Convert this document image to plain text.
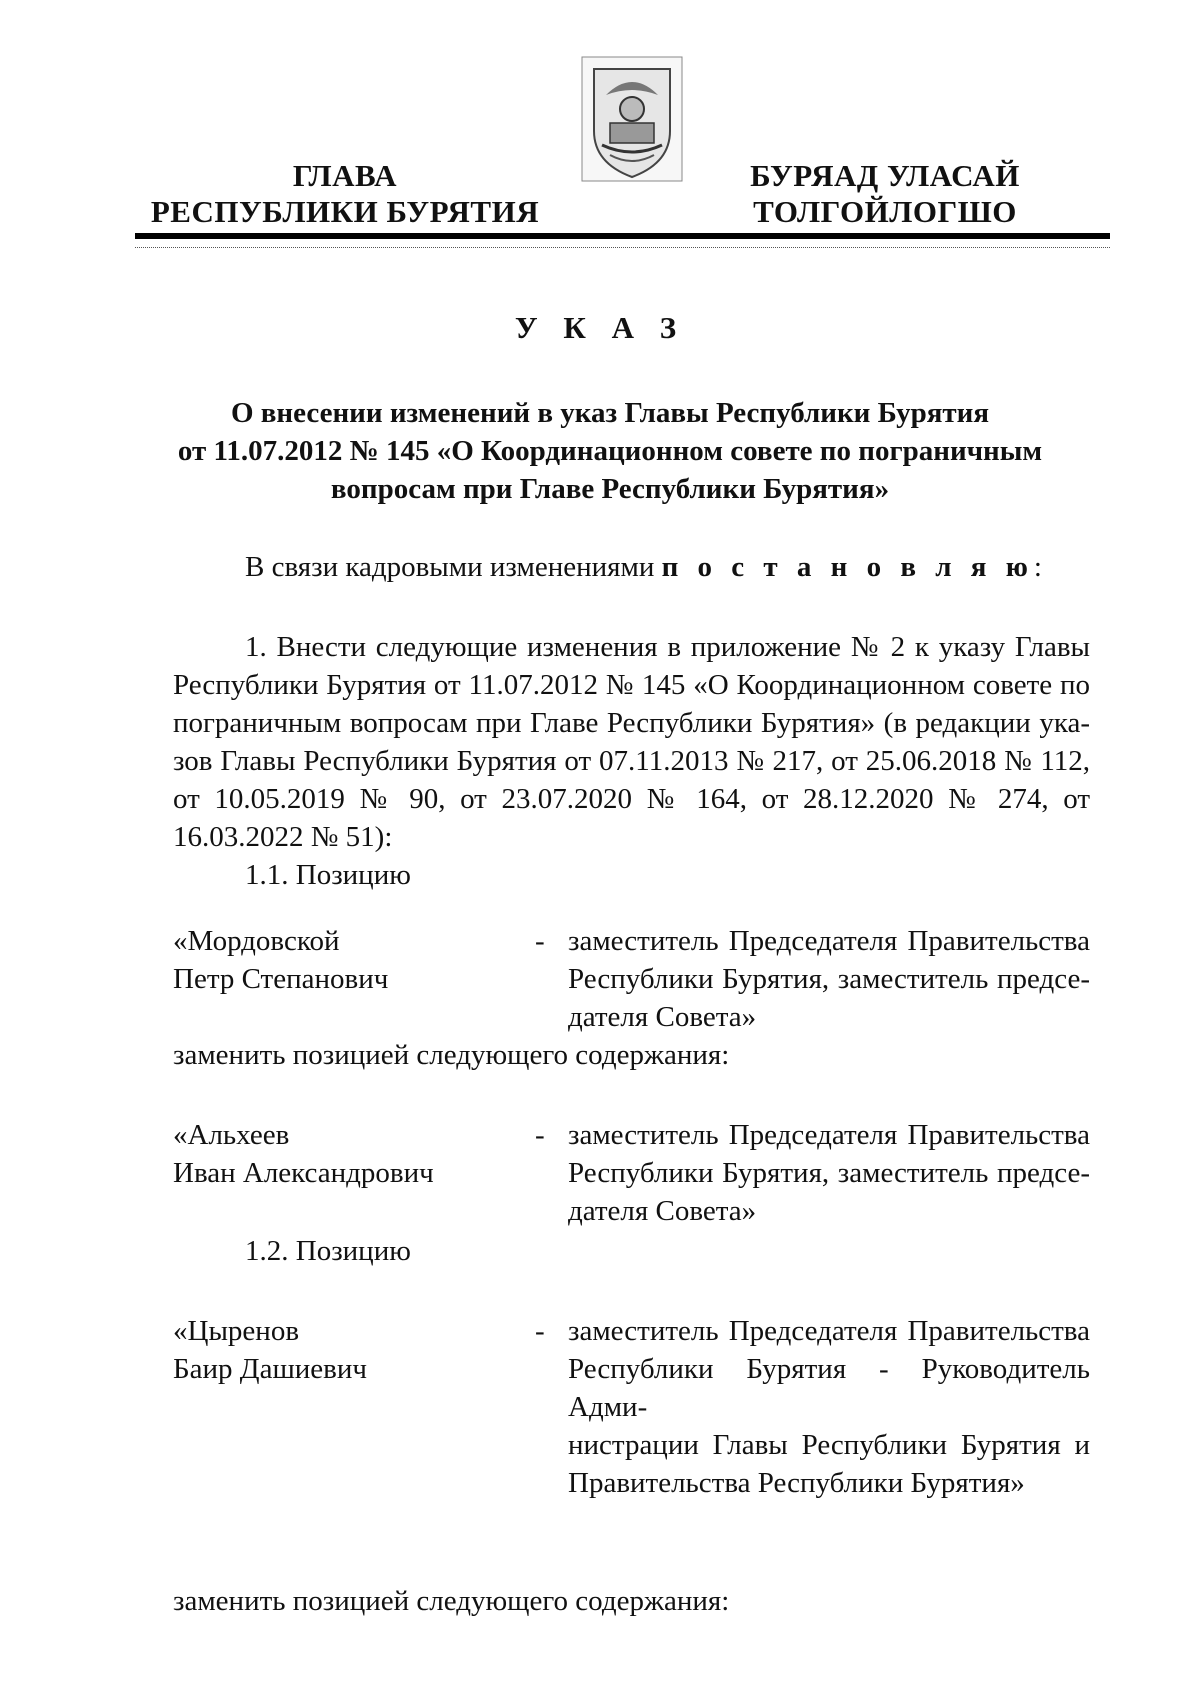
ГЛАВА
РЕСПУБЛИКИ БУРЯТИЯ
БУРЯАД УЛАСАЙ
ТОЛГОЙЛОГШО
У К А З
О внесении изменений в указ Главы Республики Бурятия
от 11.07.2012 № 145 «О Координационном совете по пограничным
вопросам при Главе Республики Бурятия»
В связи кадровыми изменениями п о с т а н о в л я ю:
1. Внести следующие изменения в приложение № 2 к указу Главы
Республики Бурятия от 11.07.2012 № 145 «О Координационном совете по
пограничным вопросам при Главе Республики Бурятия» (в редакции ука-
зов Главы Республики Бурятия от 07.11.2013 № 217, от 25.06.2018 № 112,
от 10.05.2019 № 90, от 23.07.2020 № 164, от 28.12.2020 № 274, от
16.03.2022 № 51):
1.1. Позицию
«Мордовской
Петр Степанович
- заместитель Председателя Правительства
Республики Бурятия, заместитель предсе-
дателя Совета»
заменить позицией следующего содержания:
«Альхеев
Иван Александрович
- заместитель Председателя Правительства
Республики Бурятия, заместитель предсе-
дателя Совета»
1.2. Позицию
«Цыренов
Баир Дашиевич
- заместитель Председателя Правительства
Республики Бурятия - Руководитель Адми-
нистрации Главы Республики Бурятия и
Правительства Республики Бурятия»
заменить позицией следующего содержания:
